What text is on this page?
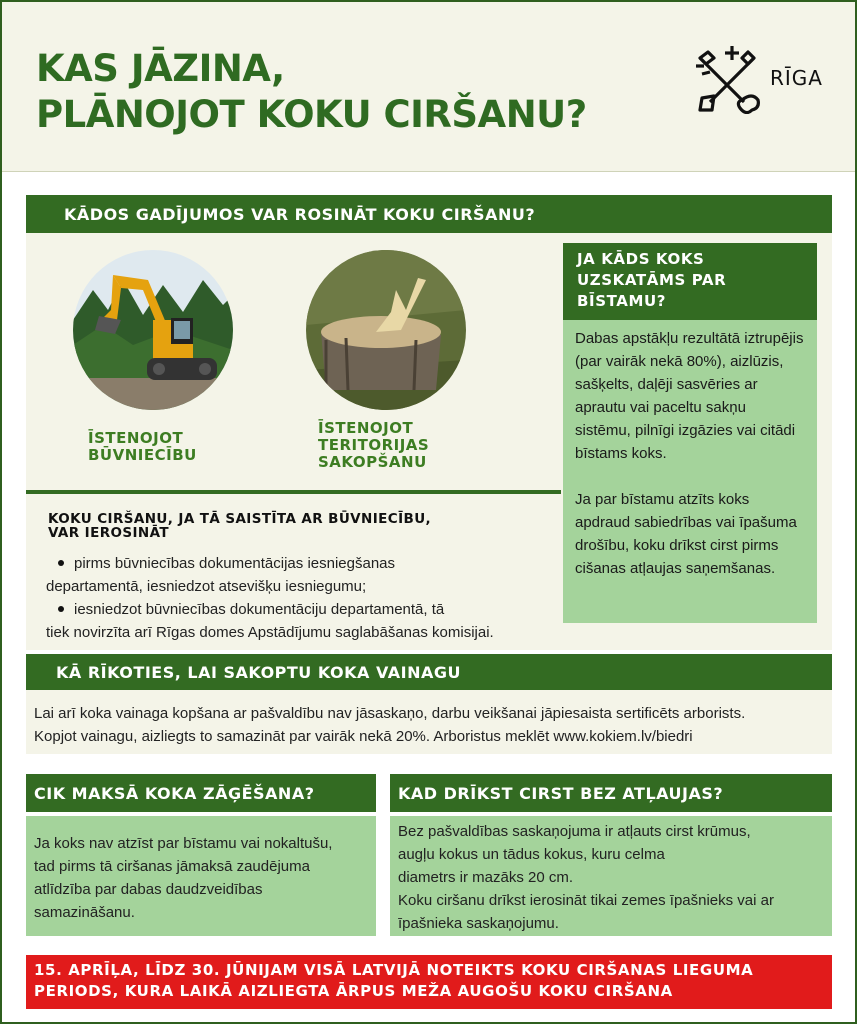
KAS JĀZINA,
PLĀNOJOT KOKU CIRŠANU?
RĪGA
KĀDOS GADĪJUMOS VAR ROSINĀT KOKU CIRŠANU?
ĪSTENOJOT
BŪVNIECĪBU
ĪSTENOJOT
TERITORIJAS
SAKOPŠANU
KOKU CIRŠANU, JA TĀ SAISTĪTA AR BŪVNIECĪBU,
VAR IEROSINĀT
pirms būvniecības dokumentācijas iesniegšanas
departamentā, iesniedzot atsevišķu iesniegumu;
iesniedzot būvniecības dokumentāciju departamentā, tā
tiek novirzīta arī Rīgas domes Apstādījumu saglabāšanas komisijai.
JA KĀDS KOKS
UZSKATĀMS PAR
BĪSTAMU?

Dabas apstākļu rezultātā iztrupējis (par vairāk nekā 80%), aizlūzis, sašķelts, daļēji sasvēries ar aprautu vai paceltu sakņu sistēmu, pilnīgi izgāzies vai citādi bīstams koks.

Ja par bīstamu atzīts koks apdraud sabiedrības vai īpašuma drošību, koku drīkst cirst pirms cišanas atļaujas saņemšanas.

KĀ RĪKOTIES, LAI SAKOPTU KOKA VAINAGU
Lai arī koka vainaga kopšana ar pašvaldību nav jāsaskaņo, darbu veikšanai jāpiesaista sertificēts arborists.
Kopjot vainagu, aizliegts to samazināt par vairāk nekā 20%. Arboristus meklēt www.kokiem.lv/biedri
CIK MAKSĀ KOKA ZĀĢĒŠANA?
Ja koks nav atzīst par bīstamu vai nokaltušu,
tad pirms tā ciršanas jāmaksā zaudējuma
atlīdzība par dabas daudzveidības
samazināšanu.
KAD DRĪKST CIRST BEZ ATĻAUJAS?
Bez pašvaldības saskaņojuma ir atļauts cirst krūmus,
augļu kokus un tādus kokus, kuru celma
diametrs ir mazāks 20 cm.
Koku ciršanu drīkst ierosināt tikai zemes īpašnieks vai ar
īpašnieka saskaņojumu.
15. APRĪĻA, LĪDZ 30. JŪNIJAM VISĀ LATVIJĀ NOTEIKTS KOKU CIRŠANAS LIEGUMA
PERIODS, KURA LAIKĀ AIZLIEGTA ĀRPUS MEŽA AUGOŠU KOKU CIRŠANA
